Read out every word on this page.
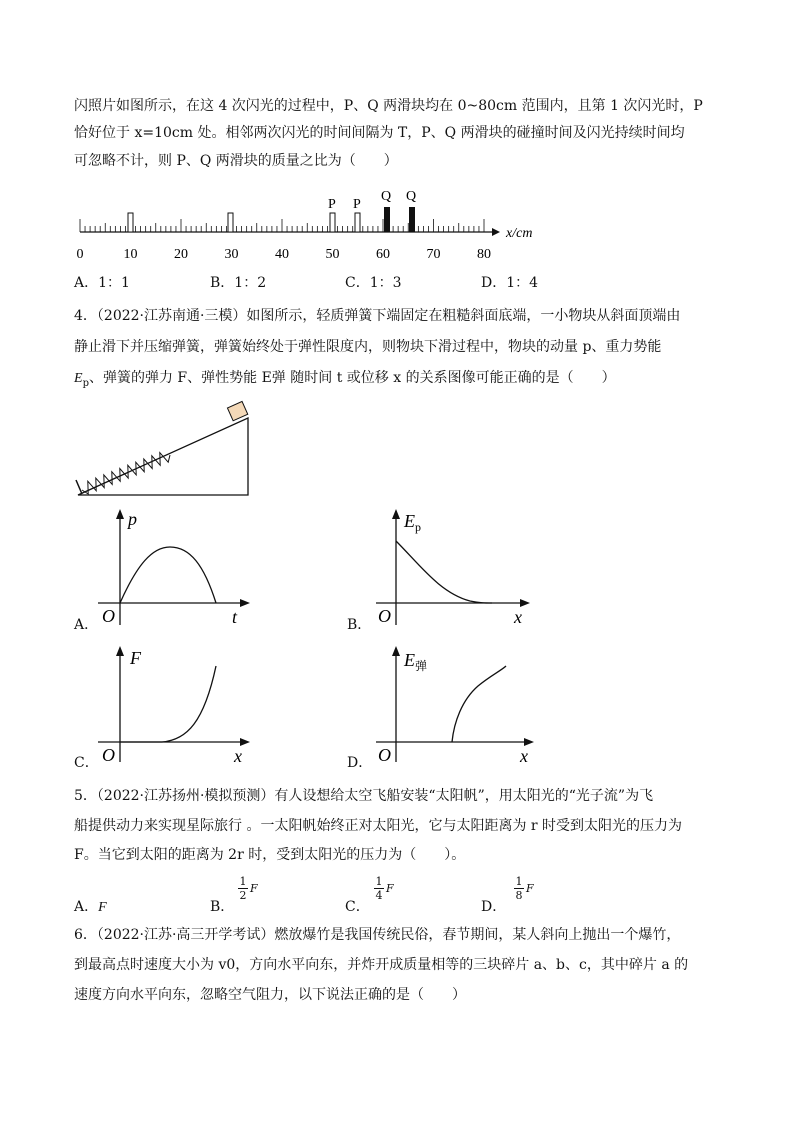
闪照片如图所示，在这 4 次闪光的过程中，P、Q 两滑块均在 0~80cm 范围内，且第 1 次闪光时，P
恰好位于 x=10cm 处。相邻两次闪光的时间间隔为 T，P、Q 两滑块的碰撞时间及闪光持续时间均
可忽略不计，则 P、Q 两滑块的质量之比为（　　）
x/cm
0	10	20	30	40	50	60	70	80
P P
Q Q
A．1：1	B．1：2	C．1：3	D．1：4
4．（2022·江苏南通·三模）如图所示，轻质弹簧下端固定在粗糙斜面底端，一小物块从斜面顶端由
静止滑下并压缩弹簧，弹簧始终处于弹性限度内，则物块下滑过程中，物块的动量 p、重力势能
$E_p$、弹簧的弹力 F、弹性势能 E弹 随时间 t 或位移 x 的关系图像可能正确的是（　　）
A．
p
O	t	B．
$E_p$
O	x
C．
F
O	x	D．
$E_弹$
O	x
5．（2022·江苏扬州·模拟预测）有人设想给太空飞船安装“太阳帆”，用太阳光的“光子流”为飞
船提供动力来实现星际旅行 。一太阳帆始终正对太阳光，它与太阳距离为 r 时受到太阳光的压力为
F。当它到太阳的距离为 2r 时，受到太阳光的压力为（　　）。
A．F	B．
1
2
F
C．
1
4
F
D．
1
8
F
6．（2022·江苏·高三开学考试）燃放爆竹是我国传统民俗，春节期间，某人斜向上抛出一个爆竹，
到最高点时速度大小为 v0，方向水平向东，并炸开成质量相等的三块碎片 a、b、c，其中碎片 a 的
速度方向水平向东，忽略空气阻力，以下说法正确的是（　　）
